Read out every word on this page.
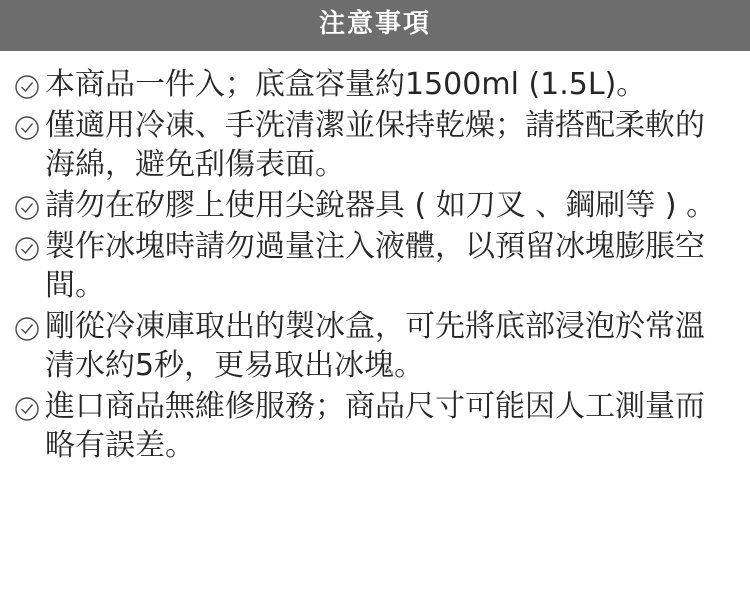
注意事項
本商品一件入；底盒容量約1500ml (1.5L)。
僅適用冷凍、手洗清潔並保持乾燥；請搭配柔軟的海綿，避免刮傷表面。
請勿在矽膠上使用尖銳器具 ( 如刀叉 、鋼刷等 ) 。
製作冰塊時請勿過量注入液體，以預留冰塊膨脹空間。
剛從冷凍庫取出的製冰盒，可先將底部浸泡於常溫清水約5秒，更易取出冰塊。
進口商品無維修服務；商品尺寸可能因人工測量而略有誤差。
